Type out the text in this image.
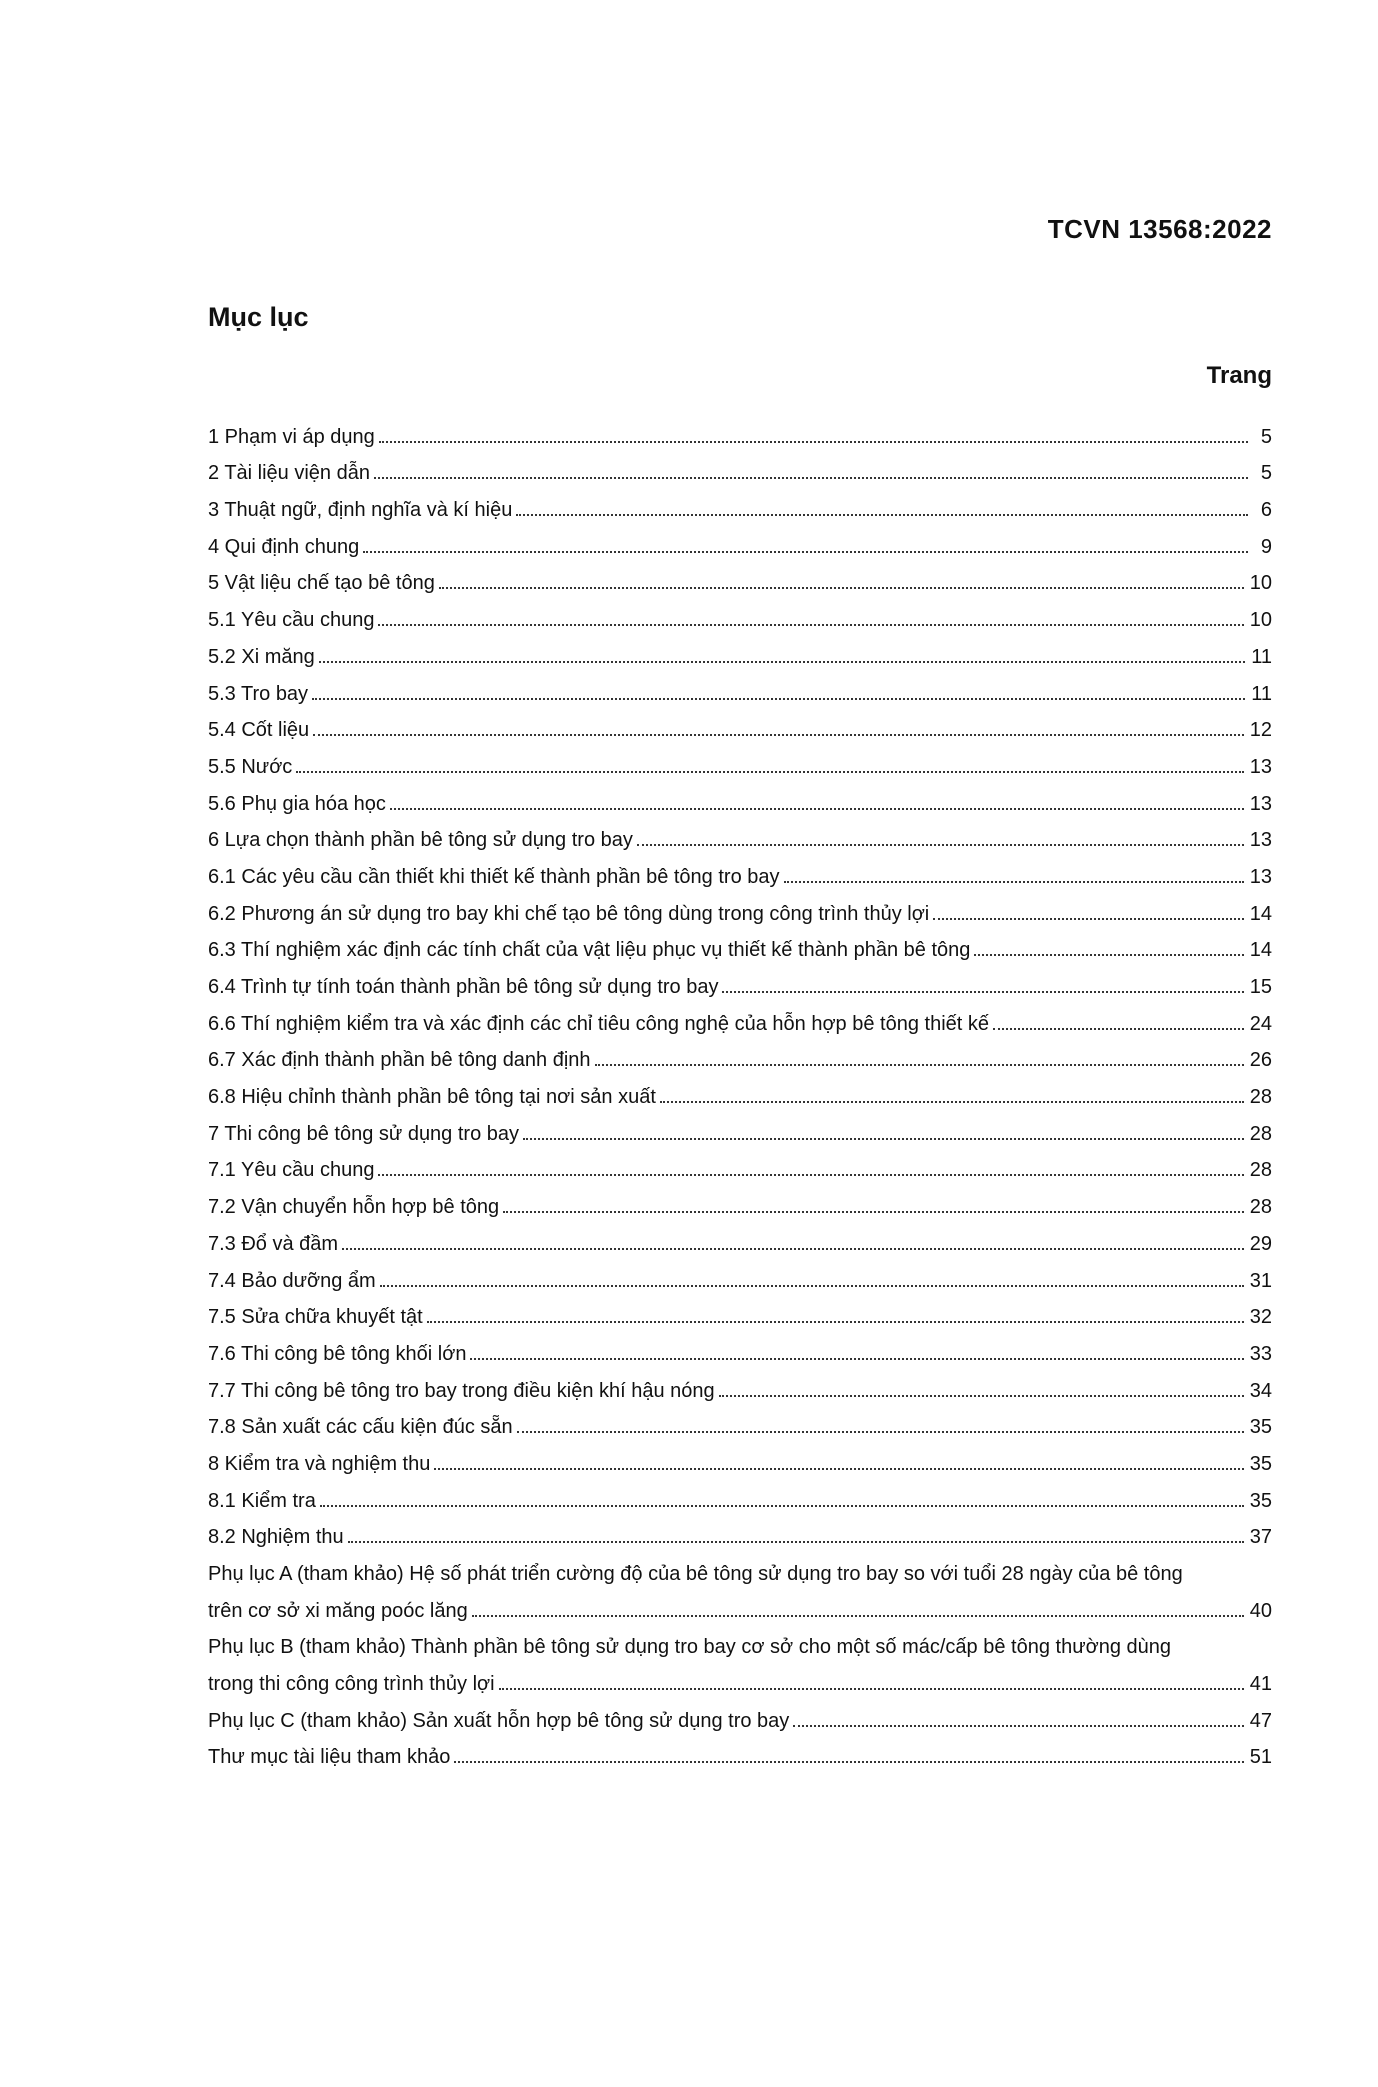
TCVN 13568:2022
Mục lục
Trang
1 Phạm vi áp dụng	5
2 Tài liệu viện dẫn	5
3 Thuật ngữ, định nghĩa và kí hiệu	6
4 Qui định chung	9
5 Vật liệu chế tạo bê tông	10
5.1 Yêu cầu chung	10
5.2 Xi măng	11
5.3 Tro bay	11
5.4 Cốt liệu	12
5.5 Nước	13
5.6 Phụ gia hóa học	13
6 Lựa chọn thành phần bê tông sử dụng tro bay	13
6.1 Các yêu cầu cần thiết khi thiết kế thành phần bê tông tro bay	13
6.2 Phương án sử dụng tro bay khi chế tạo bê tông dùng trong công trình thủy lợi	14
6.3 Thí nghiệm xác định các tính chất của vật liệu phục vụ thiết kế thành phần bê tông	14
6.4 Trình tự tính toán thành phần bê tông sử dụng tro bay	15
6.6 Thí nghiệm kiểm tra và xác định các chỉ tiêu công nghệ của hỗn hợp bê tông thiết kế	24
6.7 Xác định thành phần bê tông danh định	26
6.8 Hiệu chỉnh thành phần bê tông tại nơi sản xuất	28
7 Thi công bê tông sử dụng tro bay	28
7.1 Yêu cầu chung	28
7.2 Vận chuyển hỗn hợp bê tông	28
7.3 Đổ và đầm	29
7.4 Bảo dưỡng ẩm	31
7.5 Sửa chữa khuyết tật	32
7.6 Thi công bê tông khối lớn	33
7.7 Thi công bê tông tro bay trong điều kiện khí hậu nóng	34
7.8 Sản xuất các cấu kiện đúc sẵn	35
8 Kiểm tra và nghiệm thu	35
8.1 Kiểm tra	35
8.2 Nghiệm thu	37
Phụ lục A (tham khảo) Hệ số phát triển cường độ của bê tông sử dụng tro bay so với tuổi 28 ngày của bê tông
trên cơ sở xi măng poóc lăng	40
Phụ lục B (tham khảo) Thành phần bê tông sử dụng tro bay cơ sở cho một số mác/cấp bê tông thường dùng
trong thi công công trình thủy lợi	41
Phụ lục C (tham khảo) Sản xuất hỗn hợp bê tông sử dụng tro bay	47
Thư mục tài liệu tham khảo	51
